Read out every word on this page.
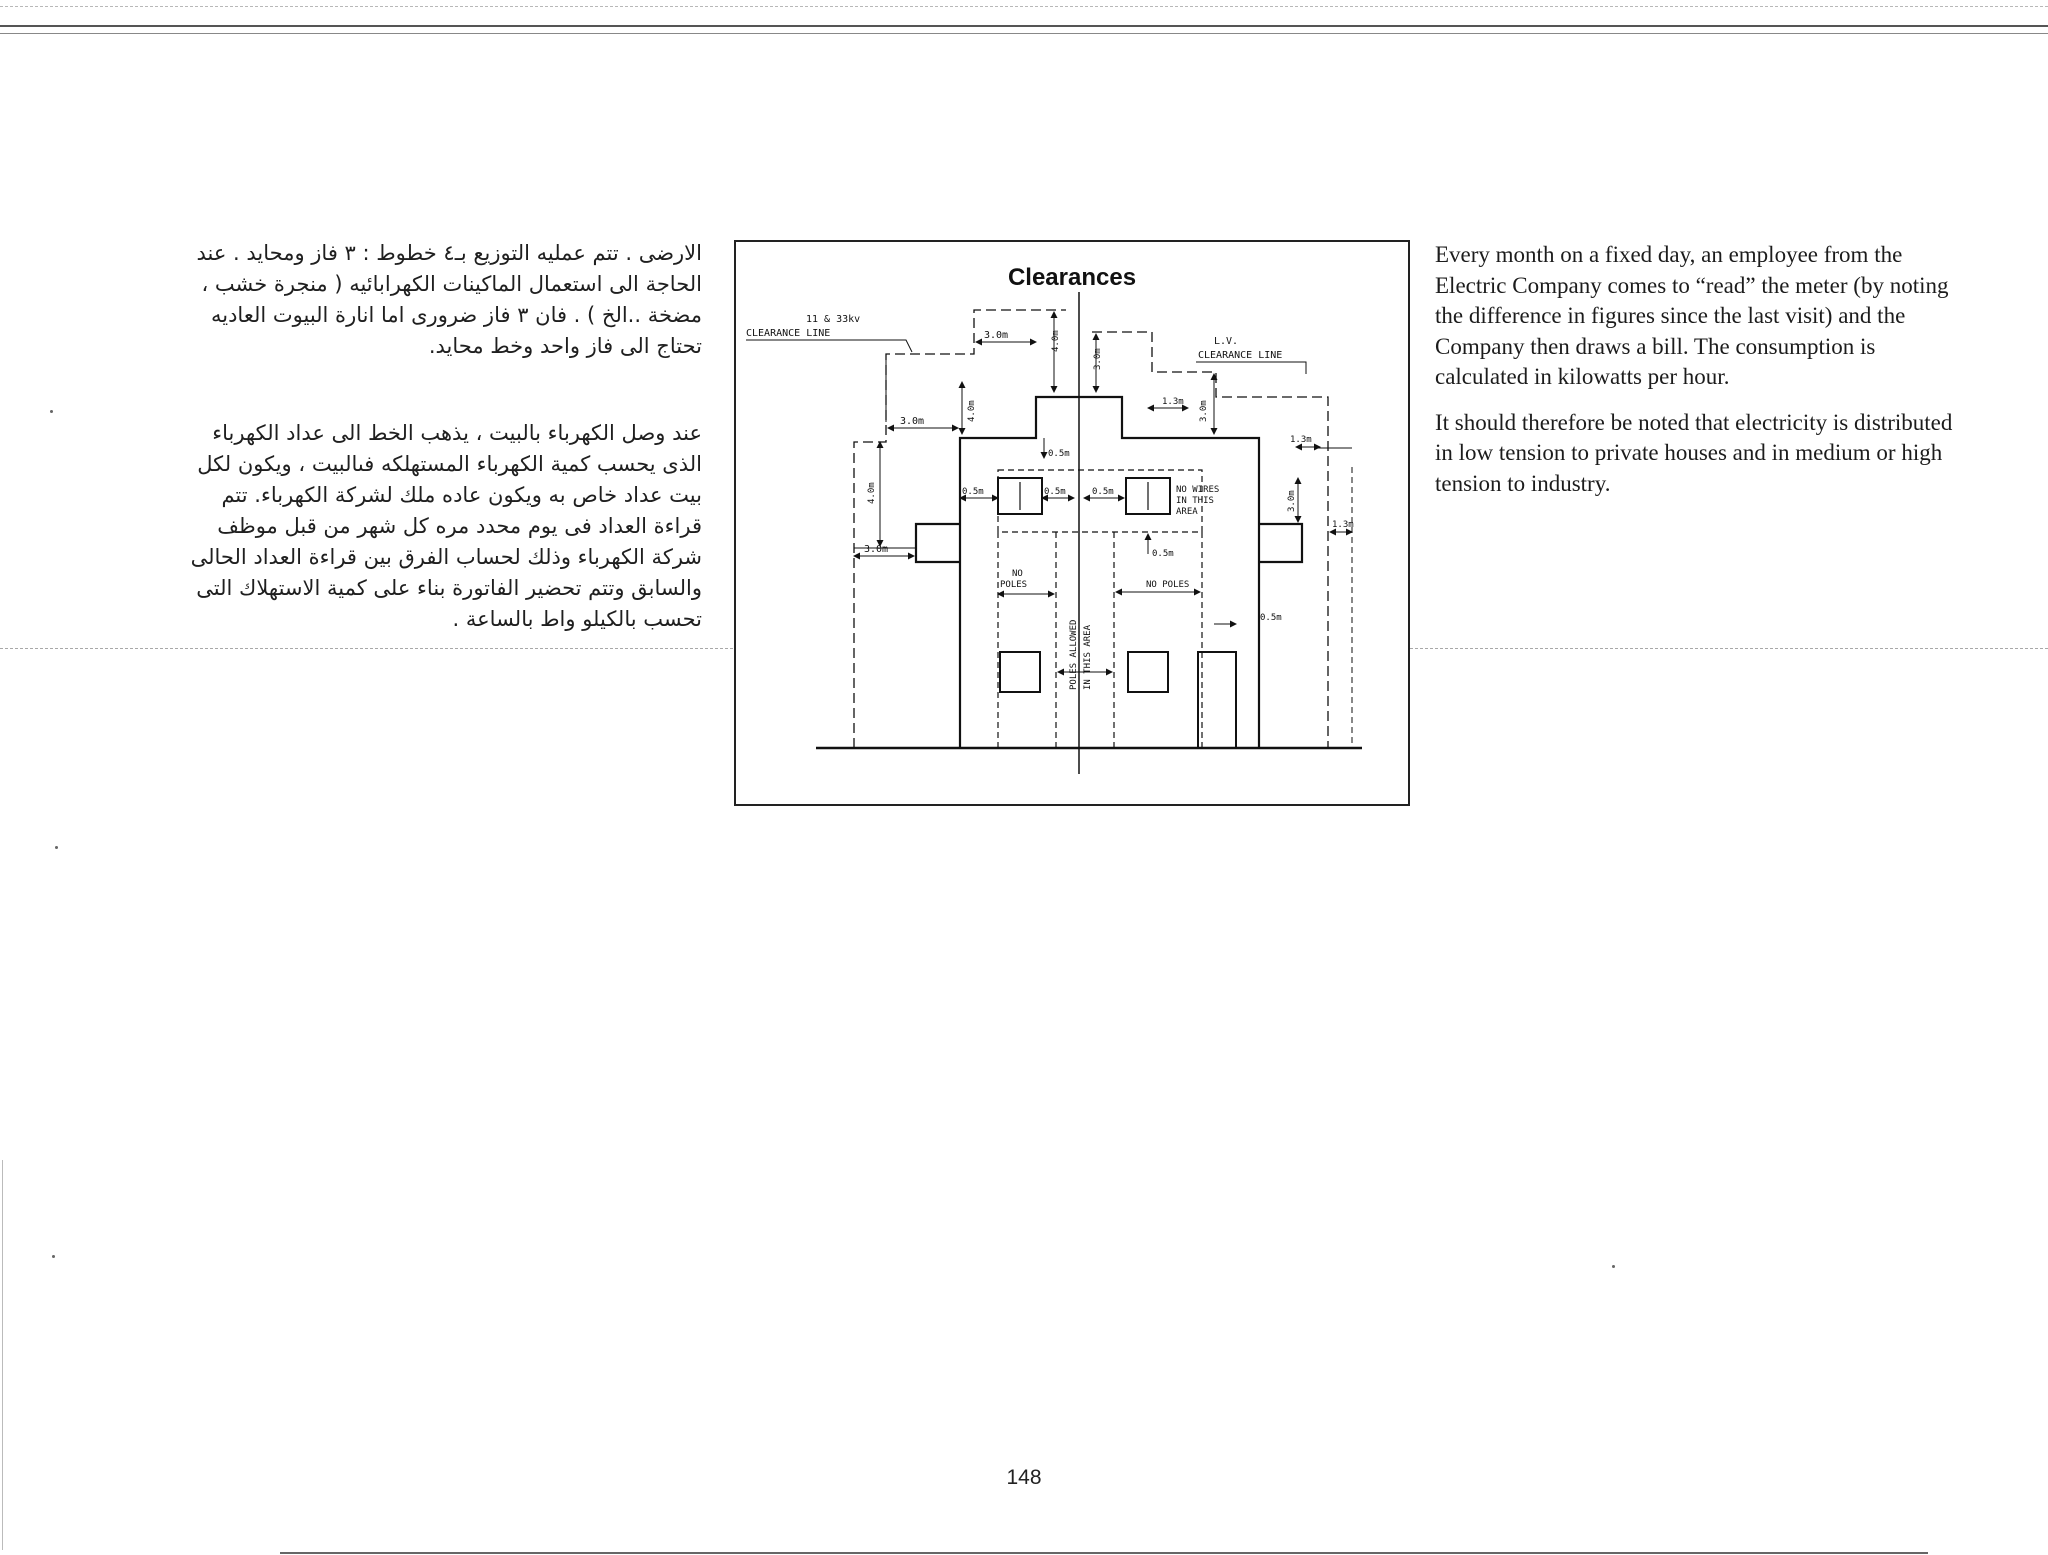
الارضى . تتم عمليه التوزيع بـ٤ خطوط : ٣ فاز ومحايد . عند الحاجة الى استعمال الماكينات الكهرابائيه ( منجرة خشب ، مضخة ..الخ ) . فان ٣ فاز ضرورى اما انارة البيوت العاديه تحتاج الى فاز واحد وخط محايد.

عند وصل الكهرباء بالبيت ، يذهب الخط الى عداد الكهرباء الذى يحسب كمية الكهرباء المستهلكه فىالبيت ، ويكون لكل بيت عداد خاص به ويكون عاده ملك لشركة الكهرباء. تتم قراءة العداد فى يوم محدد مره كل شهر من قبل موظف شركة الكهرباء وذلك لحساب الفرق بين قراءة العداد الحالى والسابق وتتم تحضير الفاتورة بناء على كمية الاستهلاك التى تحسب بالكيلو واط بالساعة .

Clearances
11 & 33kv
CLEARANCE LINE
L.V.
CLEARANCE LINE
3.0m	4.0m
3.0m
1.3m 3.0m
3.0m	4.0m
1.3m
0.5m
0.5m	0.5m	0.5m	NO WIRES
IN THIS
AREA
4.0m	3.0m
1.3m
3.0m	0.5m
NO
POLES	NO POLES
POLES ALLOWED IN THIS AREA
0.5m

Every month on a fixed day, an employee from the Electric Company comes to “read” the meter (by noting the difference in figures since the last visit) and the Company then draws a bill. The consumption is calculated in kilowatts per hour.

It should therefore be noted that electricity is distributed in low tension to private houses and in medium or high tension to industry.

148
